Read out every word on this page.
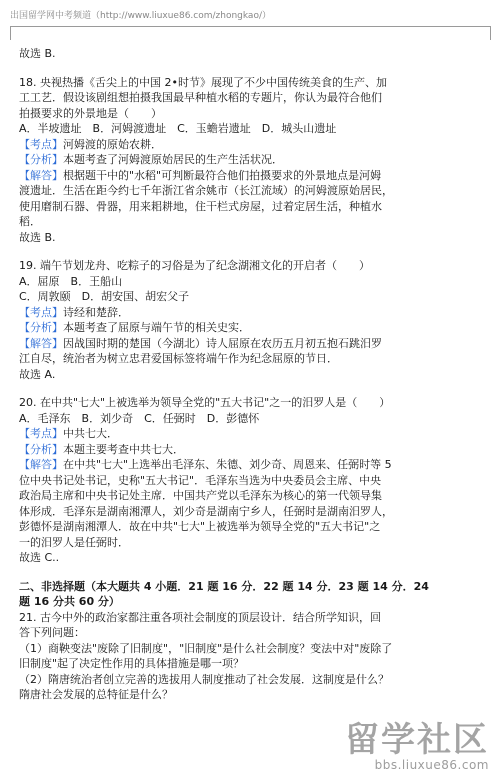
出国留学网中考频道（http://www.liuxue86.com/zhongkao/）
故选 B.
18. 央视热播《舌尖上的中国 2•时节》展现了不少中国传统美食的生产、加
工工艺．假设该剧组想拍摄我国最早种植水稻的专题片，你认为最符合他们
拍摄要求的外景地是（　　）
A．半坡遗址　B．河姆渡遗址　C．玉蟾岩遗址　D．城头山遗址
【考点】河姆渡的原始农耕．
【分析】本题考查了河姆渡原始居民的生产生活状况．
【解答】根据题干中的"水稻"可判断最符合他们拍摄要求的外景地点是河姆
渡遗址．生活在距今约七千年浙江省余姚市（长江流域）的河姆渡原始居民，
使用磨制石器、骨器，用来耜耕地，住干栏式房屋，过着定居生活，种植水
稻．
故选 B.
19. 端午节划龙舟、吃粽子的习俗是为了纪念湖湘文化的开启者（　　）
A．屈原　B．王船山
C．周敦颐　D．胡安国、胡宏父子
【考点】诗经和楚辞．
【分析】本题考查了屈原与端午节的相关史实．
【解答】因战国时期的楚国（今湖北）诗人屈原在农历五月初五抱石跳汨罗
江自尽，统治者为树立忠君爱国标签将端午作为纪念屈原的节日．
故选 A.
20. 在中共"七大"上被选举为领导全党的"五大书记"之一的汨罗人是（　　）
A．毛泽东　B．刘少奇　C．任弼时　D．彭德怀
【考点】中共七大．
【分析】本题主要考查中共七大．
【解答】在中共"七大"上选举出毛泽东、朱德、刘少奇、周恩来、任弼时等 5
位中央书记处书记，史称"五大书记"．毛泽东当选为中央委员会主席、中央
政治局主席和中央书记处主席．中国共产党以毛泽东为核心的第一代领导集
体形成．毛泽东是湖南湘潭人，刘少奇是湖南宁乡人，任弼时是湖南汨罗人，
彭德怀是湖南湘潭人．故在中共"七大"上被选举为领导全党的"五大书记"之
一的汨罗人是任弼时．
故选 C..
二、非选择题（本大题共 4 小题．21 题 16 分．22 题 14 分．23 题 14 分．24
题 16 分共 60 分）
21. 古今中外的政治家都注重各项社会制度的顶层设计．结合所学知识，回
答下列问题：
（1）商鞅变法"废除了旧制度"，"旧制度"是什么社会制度？变法中对"废除了
旧制度"起了决定性作用的具体措施是哪一项？
（2）隋唐统治者创立完善的选拔用人制度推动了社会发展．这制度是什么？
隋唐社会发展的总特征是什么？
留学社区
bbs.liuxue86.com
